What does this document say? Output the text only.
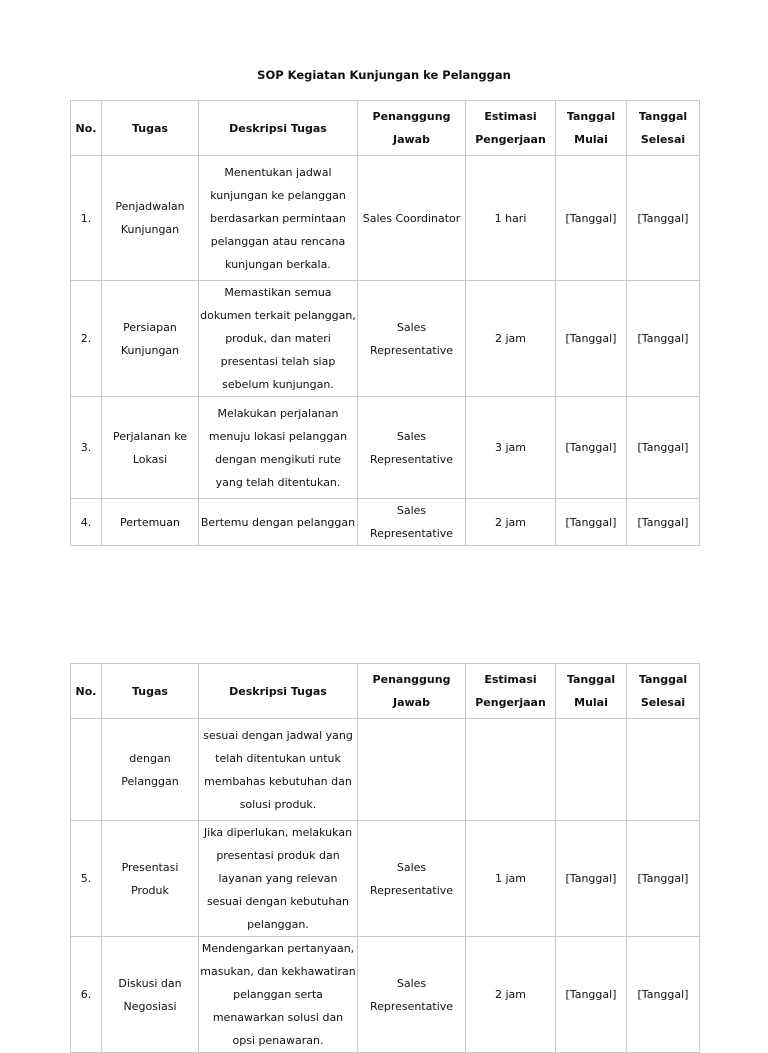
SOP Kegiatan Kunjungan ke Pelanggan
No.	Tugas	Deskripsi Tugas	Penanggung Jawab	Estimasi Pengerjaan	Tanggal Mulai	Tanggal Selesai
1.	Penjadwalan Kunjungan	Menentukan jadwal kunjungan ke pelanggan berdasarkan permintaan pelanggan atau rencana kunjungan berkala.	Sales Coordinator	1 hari	[Tanggal]	[Tanggal]
2.	Persiapan Kunjungan	Memastikan semua dokumen terkait pelanggan, produk, dan materi presentasi telah siap sebelum kunjungan.	Sales Representative	2 jam	[Tanggal]	[Tanggal]
3.	Perjalanan ke Lokasi	Melakukan perjalanan menuju lokasi pelanggan dengan mengikuti rute yang telah ditentukan.	Sales Representative	3 jam	[Tanggal]	[Tanggal]
4.	Pertemuan	Bertemu dengan pelanggan	Sales Representative	2 jam	[Tanggal]	[Tanggal]
No.	Tugas	Deskripsi Tugas	Penanggung Jawab	Estimasi Pengerjaan	Tanggal Mulai	Tanggal Selesai
	dengan Pelanggan	sesuai dengan jadwal yang telah ditentukan untuk membahas kebutuhan dan solusi produk.				
5.	Presentasi Produk	Jika diperlukan, melakukan presentasi produk dan layanan yang relevan sesuai dengan kebutuhan pelanggan.	Sales Representative	1 jam	[Tanggal]	[Tanggal]
6.	Diskusi dan Negosiasi	Mendengarkan pertanyaan, masukan, dan kekhawatiran pelanggan serta menawarkan solusi dan opsi penawaran.	Sales Representative	2 jam	[Tanggal]	[Tanggal]
